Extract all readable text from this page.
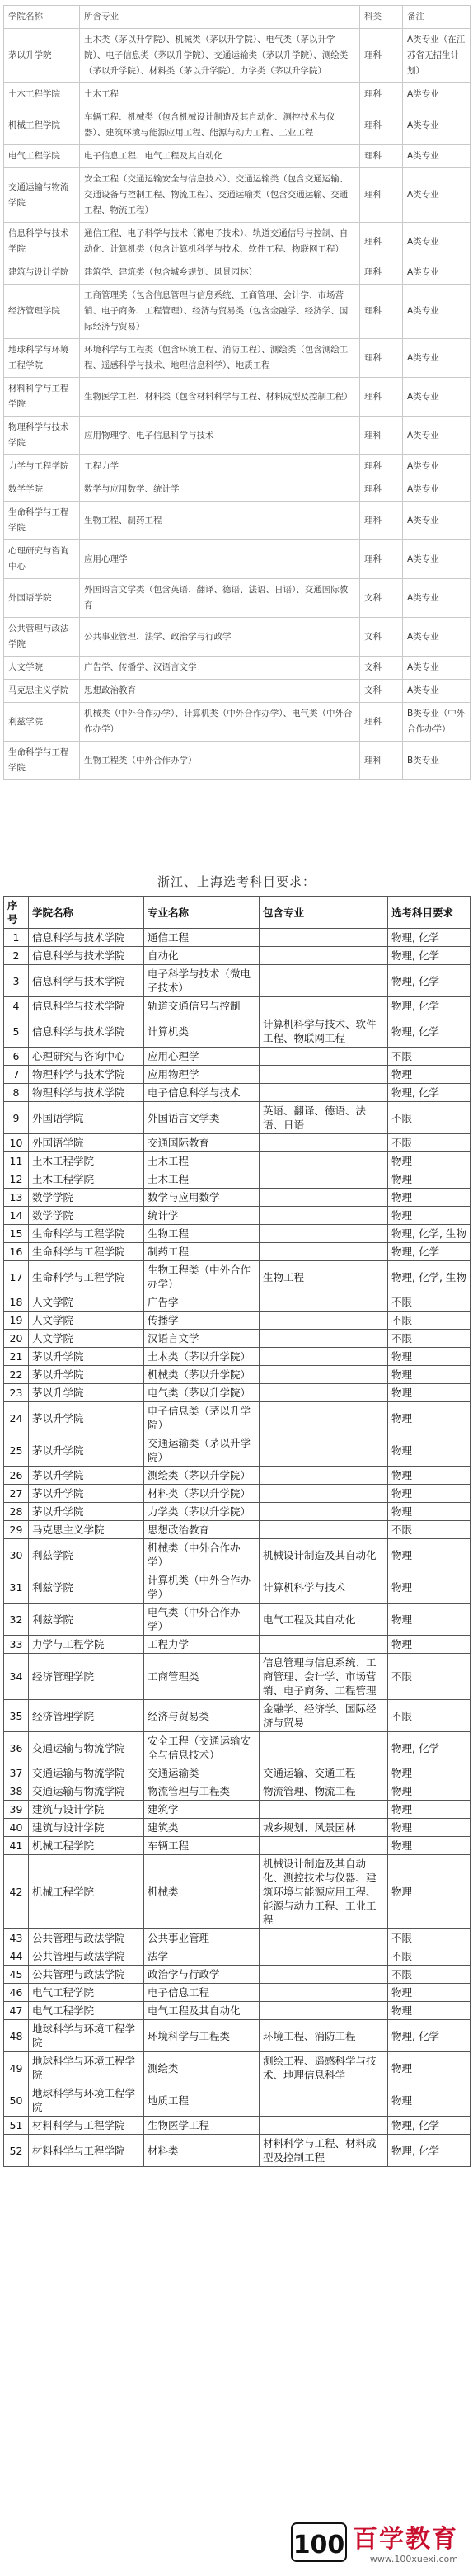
学院名称	所含专业	科类	备注
茅以升学院	土木类（茅以升学院）、机械类（茅以升学院）、电气类（茅以升学院）、电子信息类（茅以升学院）、交通运输类（茅以升学院）、测绘类（茅以升学院）、材料类（茅以升学院）、力学类（茅以升学院）	理科	A类专业（在江苏省无招生计划）
土木工程学院	土木工程	理科	A类专业
机械工程学院	车辆工程、机械类（包含机械设计制造及其自动化、测控技术与仪器）、建筑环境与能源应用工程、能源与动力工程、工业工程	理科	A类专业
电气工程学院	电子信息工程、电气工程及其自动化	理科	A类专业
交通运输与物流学院	安全工程（交通运输安全与信息技术）、交通运输类（包含交通运输、交通设备与控制工程、物流工程）、交通运输类（包含交通运输、交通工程、物流工程）	理科	A类专业
信息科学与技术学院	通信工程、电子科学与技术（微电子技术）、轨道交通信号与控制、自动化、计算机类（包含计算机科学与技术、软件工程、物联网工程）	理科	A类专业
建筑与设计学院	建筑学、建筑类（包含城乡规划、风景园林）	理科	A类专业
经济管理学院	工商管理类（包含信息管理与信息系统、工商管理、会计学、市场营销、电子商务、工程管理）、经济与贸易类（包含金融学、经济学、国际经济与贸易）	理科	A类专业
地球科学与环境工程学院	环境科学与工程类（包含环境工程、消防工程）、测绘类（包含测绘工程、遥感科学与技术、地理信息科学）、地质工程	理科	A类专业
材料科学与工程学院	生物医学工程、材料类（包含材料科学与工程、材料成型及控制工程）	理科	A类专业
物理科学与技术学院	应用物理学、电子信息科学与技术	理科	A类专业
力学与工程学院	工程力学	理科	A类专业
数学学院	数学与应用数学、统计学	理科	A类专业
生命科学与工程学院	生物工程、制药工程	理科	A类专业
心理研究与咨询中心	应用心理学	理科	A类专业
外国语学院	外国语言文学类（包含英语、翻译、德语、法语、日语）、交通国际教育	文科	A类专业
公共管理与政法学院	公共事业管理、法学、政治学与行政学	文科	A类专业
人文学院	广告学、传播学、汉语言文学	文科	A类专业
马克思主义学院	思想政治教育	文科	A类专业
利兹学院	机械类（中外合作办学）、计算机类（中外合作办学）、电气类（中外合作办学）	理科	B类专业（中外合作办学）
生命科学与工程学院	生物工程类（中外合作办学）	理科	B类专业
浙江、上海选考科目要求：
序号	学院名称	专业名称	包含专业	选考科目要求
1	信息科学与技术学院	通信工程		物理, 化学
2	信息科学与技术学院	自动化		物理, 化学
3	信息科学与技术学院	电子科学与技术（微电子技术）		物理, 化学
4	信息科学与技术学院	轨道交通信号与控制		物理, 化学
5	信息科学与技术学院	计算机类	计算机科学与技术、软件工程、物联网工程	物理, 化学
6	心理研究与咨询中心	应用心理学		不限
7	物理科学与技术学院	应用物理学		物理
8	物理科学与技术学院	电子信息科学与技术		物理, 化学
9	外国语学院	外国语言文学类	英语、翻译、德语、法语、日语	不限
10	外国语学院	交通国际教育		不限
11	土木工程学院	土木工程		物理
12	土木工程学院	土木工程		物理
13	数学学院	数学与应用数学		物理
14	数学学院	统计学		物理
15	生命科学与工程学院	生物工程		物理, 化学, 生物
16	生命科学与工程学院	制药工程		物理, 化学
17	生命科学与工程学院	生物工程类（中外合作办学）	生物工程	物理, 化学, 生物
18	人文学院	广告学		不限
19	人文学院	传播学		不限
20	人文学院	汉语言文学		不限
21	茅以升学院	土木类（茅以升学院）		物理
22	茅以升学院	机械类（茅以升学院）		物理
23	茅以升学院	电气类（茅以升学院）		物理
24	茅以升学院	电子信息类（茅以升学院）		物理
25	茅以升学院	交通运输类（茅以升学院）		物理
26	茅以升学院	测绘类（茅以升学院）		物理
27	茅以升学院	材料类（茅以升学院）		物理
28	茅以升学院	力学类（茅以升学院）		物理
29	马克思主义学院	思想政治教育		不限
30	利兹学院	机械类（中外合作办学）	机械设计制造及其自动化	物理
31	利兹学院	计算机类（中外合作办学）	计算机科学与技术	物理
32	利兹学院	电气类（中外合作办学）	电气工程及其自动化	物理
33	力学与工程学院	工程力学		物理
34	经济管理学院	工商管理类	信息管理与信息系统、工商管理、会计学、市场营销、电子商务、工程管理	不限
35	经济管理学院	经济与贸易类	金融学、经济学、国际经济与贸易	不限
36	交通运输与物流学院	安全工程（交通运输安全与信息技术）		物理, 化学
37	交通运输与物流学院	交通运输类	交通运输、交通工程	物理
38	交通运输与物流学院	物流管理与工程类	物流管理、物流工程	物理
39	建筑与设计学院	建筑学		物理
40	建筑与设计学院	建筑类	城乡规划、风景园林	物理
41	机械工程学院	车辆工程		物理
42	机械工程学院	机械类	机械设计制造及其自动化、测控技术与仪器、建筑环境与能源应用工程、能源与动力工程、工业工程	物理
43	公共管理与政法学院	公共事业管理		不限
44	公共管理与政法学院	法学		不限
45	公共管理与政法学院	政治学与行政学		不限
46	电气工程学院	电子信息工程		物理
47	电气工程学院	电气工程及其自动化		物理
48	地球科学与环境工程学院	环境科学与工程类	环境工程、消防工程	物理, 化学
49	地球科学与环境工程学院	测绘类	测绘工程、遥感科学与技术、地理信息科学	物理
50	地球科学与环境工程学院	地质工程		物理
51	材料科学与工程学院	生物医学工程		物理, 化学
52	材料科学与工程学院	材料类	材料科学与工程、材料成型及控制工程	物理, 化学
100 百学教育
www.100xuexi.com
